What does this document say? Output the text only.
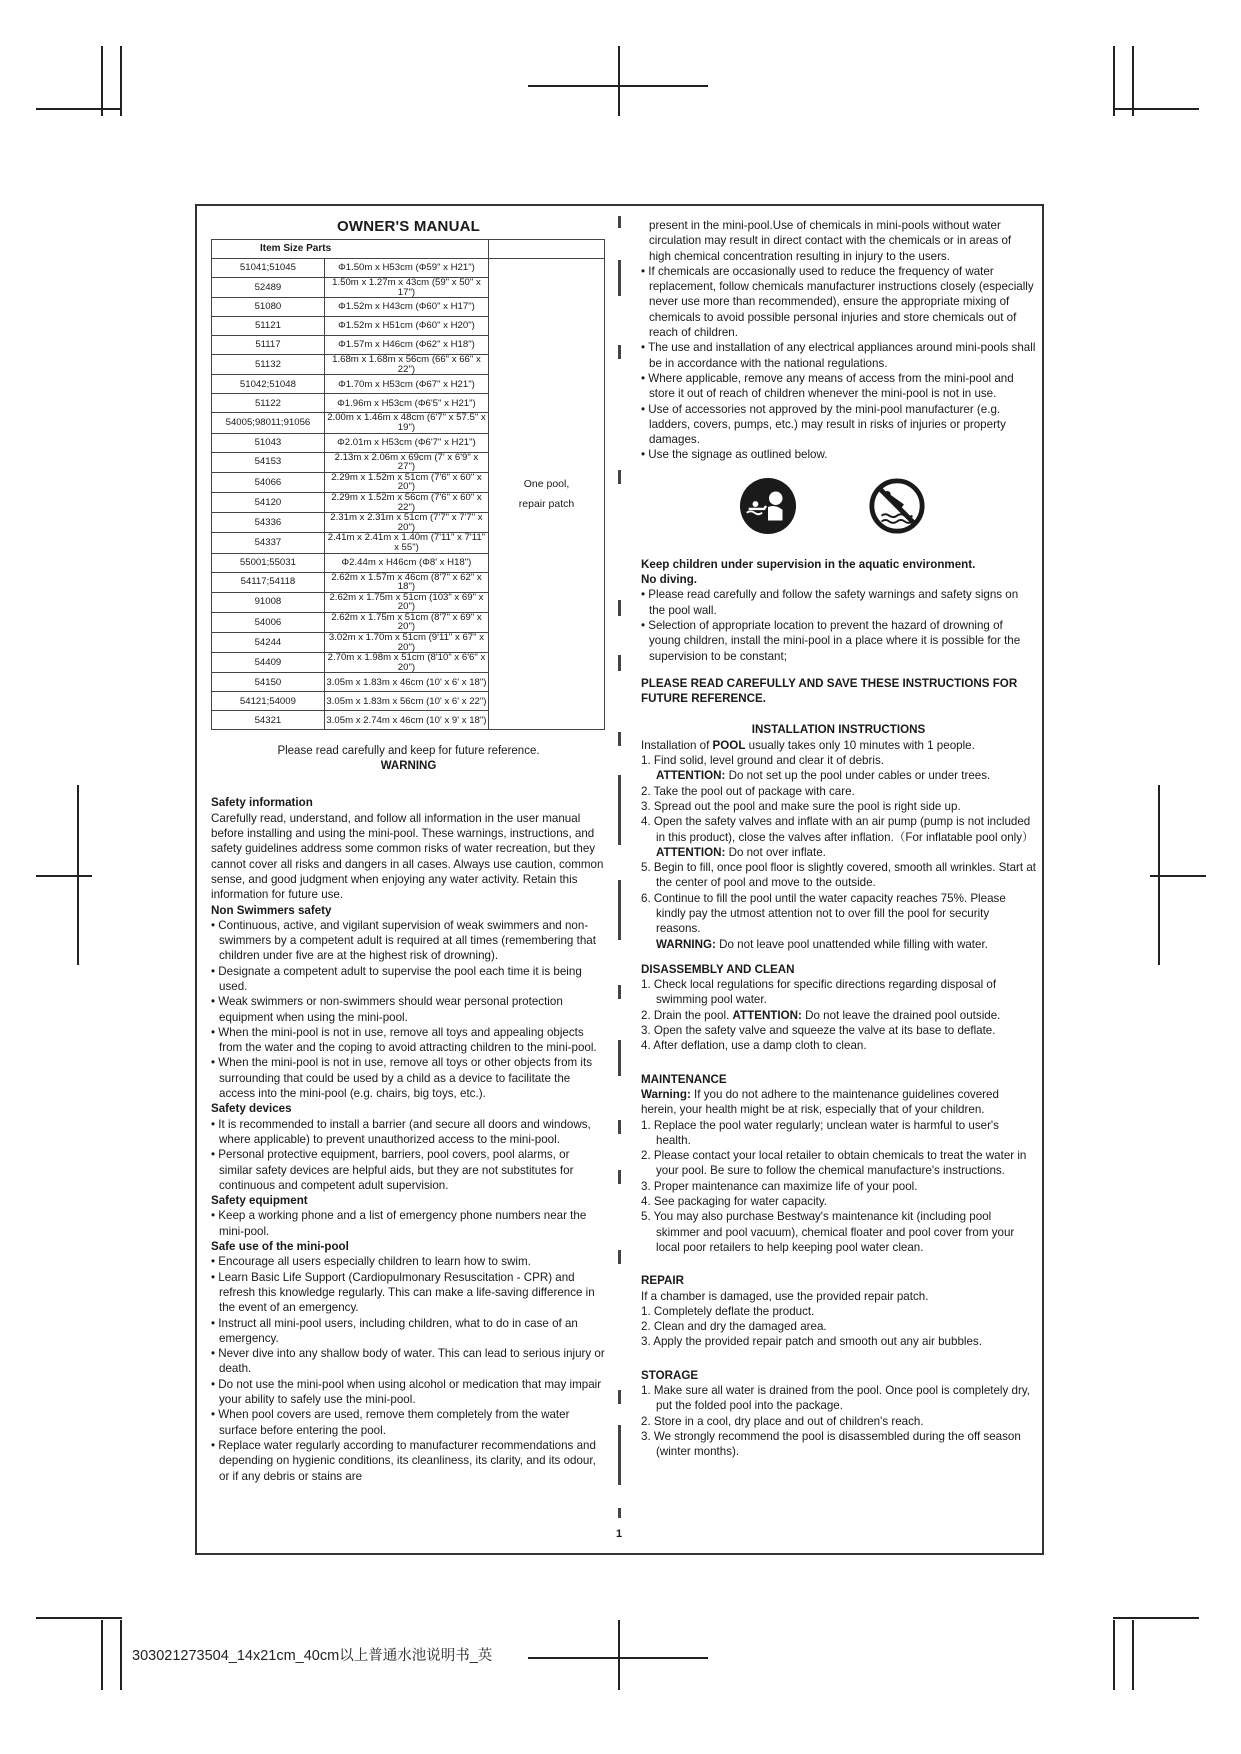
OWNER'S MANUAL
Item Size Parts		
51041;51045	Φ1.50m x H53cm (Φ59" x H21")	One pool,
repair patch

52489	1.50m x 1.27m x 43cm (59" x 50" x 17")	
51080	Φ1.52m x H43cm (Φ60" x H17")	
51121	Φ1.52m x H51cm (Φ60" x H20")	
51117	Φ1.57m x H46cm (Φ62" x H18")	
51132	1.68m x 1.68m x 56cm (66" x 66" x 22")	
51042;51048	Φ1.70m x H53cm (Φ67" x H21")	
51122	Φ1.96m x H53cm (Φ6'5" x H21")	
54005;98011;91056	2.00m x 1.46m x 48cm (6'7" x 57.5" x 19")	
51043	Φ2.01m x H53cm (Φ6'7" x H21")	
54153	2.13m x 2.06m x 69cm (7' x 6'9" x 27")	
54066	2.29m x 1.52m x 51cm (7'6" x 60" x 20")	
54120	2.29m x 1.52m x 56cm (7'6" x 60" x 22")	
54336	2.31m x 2.31m x 51cm (7'7" x 7'7" x 20")	
54337	2.41m x 2.41m x 1.40m (7'11" x 7'11" x 55")	
55001;55031	Φ2.44m x H46cm (Φ8' x H18")	
54117;54118	2.62m x 1.57m x 46cm (8'7" x 62" x 18")	
91008	2.62m x 1.75m x 51cm (103" x 69" x 20")	
54006	2.62m x 1.75m x 51cm (8'7" x 69" x 20")	
54244	3.02m x 1.70m x 51cm (9'11" x 67" x 20")	
54409	2.70m x 1.98m x 51cm (8'10" x 6'6" x 20")	
54150	3.05m x 1.83m x 46cm (10' x 6' x 18")	
54121;54009	3.05m x 1.83m x 56cm (10' x 6' x 22")	
54321	3.05m x 2.74m x 46cm (10' x 9' x 18")	
Please read carefully and keep for future reference.
WARNING
Safety information
Carefully read, understand, and follow all information in the user manual before installing and using the mini-pool. These warnings, instructions, and safety guidelines address some common risks of water recreation, but they cannot cover all risks and dangers in all cases. Always use caution, common sense, and good judgment when enjoying any water activity. Retain this information for future use.
Non Swimmers safety
• Continuous, active, and vigilant supervision of weak swimmers and non-swimmers by a competent adult is required at all times (remembering that children under five are at the highest risk of drowning).
• Designate a competent adult to supervise the pool each time it is being used.
• Weak swimmers or non-swimmers should wear personal protection equipment when using the mini-pool.
• When the mini-pool is not in use, remove all toys and appealing objects from the water and the coping to avoid attracting children to the mini-pool.
• When the mini-pool is not in use, remove all toys or other objects from its surrounding that could be used by a child as a device to facilitate the access into the mini-pool (e.g. chairs, big toys, etc.).
Safety devices
• It is recommended to install a barrier (and secure all doors and windows, where applicable) to prevent unauthorized access to the mini-pool.
• Personal protective equipment, barriers, pool covers, pool alarms, or similar safety devices are helpful aids, but they are not substitutes for continuous and competent adult supervision.
Safety equipment
• Keep a working phone and a list of emergency phone numbers near the mini-pool.
Safe use of the mini-pool
• Encourage all users especially children to learn how to swim.
• Learn Basic Life Support (Cardiopulmonary Resuscitation - CPR) and refresh this knowledge regularly. This can make a life-saving difference in the event of an emergency.
• Instruct all mini-pool users, including children, what to do in case of an emergency.
• Never dive into any shallow body of water. This can lead to serious injury or death.
• Do not use the mini-pool when using alcohol or medication that may impair your ability to safely use the mini-pool.
• When pool covers are used, remove them completely from the water surface before entering the pool.
• Replace water regularly according to manufacturer recommendations and depending on hygienic conditions, its cleanliness, its clarity, and its odour, or if any debris or stains are
present in the mini-pool.Use of chemicals in mini-pools without water circulation may result in direct contact with the chemicals or in areas of high chemical concentration resulting in injury to the users.
• If chemicals are occasionally used to reduce the frequency of water replacement, follow chemicals manufacturer instructions closely (especially never use more than recommended), ensure the appropriate mixing of chemicals to avoid possible personal injuries and store chemicals out of reach of children.
• The use and installation of any electrical appliances around mini-pools shall be in accordance with the national regulations.
• Where applicable, remove any means of access from the mini-pool and store it out of reach of children whenever the mini-pool is not in use.
• Use of accessories not approved by the mini-pool manufacturer (e.g. ladders, covers, pumps, etc.) may result in risks of injuries or property damages.
• Use the signage as outlined below.
Keep children under supervision in the aquatic environment.
No diving.
• Please read carefully and follow the safety warnings and safety signs on the pool wall.
• Selection of appropriate location to prevent the hazard of drowning of young children, install the mini-pool in a place where it is possible for the supervision to be constant;
PLEASE READ CAREFULLY AND SAVE THESE INSTRUCTIONS FOR FUTURE REFERENCE.
INSTALLATION INSTRUCTIONS
Installation of POOL usually takes only 10 minutes with 1 people.
1. Find solid, level ground and clear it of debris.
ATTENTION: Do not set up the pool under cables or under trees.
2. Take the pool out of package with care.
3. Spread out the pool and make sure the pool is right side up.
4. Open the safety valves and inflate with an air pump (pump is not included in this product), close the valves after inflation.（For inflatable pool only）
ATTENTION: Do not over inflate.
5. Begin to fill, once pool floor is slightly covered, smooth all wrinkles. Start at the center of pool and move to the outside.
6. Continue to fill the pool until the water capacity reaches 75%. Please kindly pay the utmost attention not to over fill the pool for security reasons.
WARNING: Do not leave pool unattended while filling with water.
DISASSEMBLY AND CLEAN
1. Check local regulations for specific directions regarding disposal of swimming pool water.
2. Drain the pool. ATTENTION: Do not leave the drained pool outside.
3. Open the safety valve and squeeze the valve at its base to deflate.
4. After deflation, use a damp cloth to clean.
MAINTENANCE
Warning: If you do not adhere to the maintenance guidelines covered herein, your health might be at risk, especially that of your children.
1. Replace the pool water regularly; unclean water is harmful to user's health.
2. Please contact your local retailer to obtain chemicals to treat the water in your pool. Be sure to follow the chemical manufacture's instructions.
3. Proper maintenance can maximize life of your pool.
4. See packaging for water capacity.
5. You may also purchase Bestway's maintenance kit (including pool skimmer and pool vacuum), chemical floater and pool cover from your local poor retailers to help keeping pool water clean.
REPAIR
If a chamber is damaged, use the provided repair patch.
1. Completely deflate the product.
2. Clean and dry the damaged area.
3. Apply the provided repair patch and smooth out any air bubbles.
STORAGE
1. Make sure all water is drained from the pool. Once pool is completely dry, put the folded pool into the package.
2. Store in a cool, dry place and out of children's reach.
3. We strongly recommend the pool is disassembled during the off season (winter months).
1
303021273504_14x21cm_40cm以上普通水池说明书_英
